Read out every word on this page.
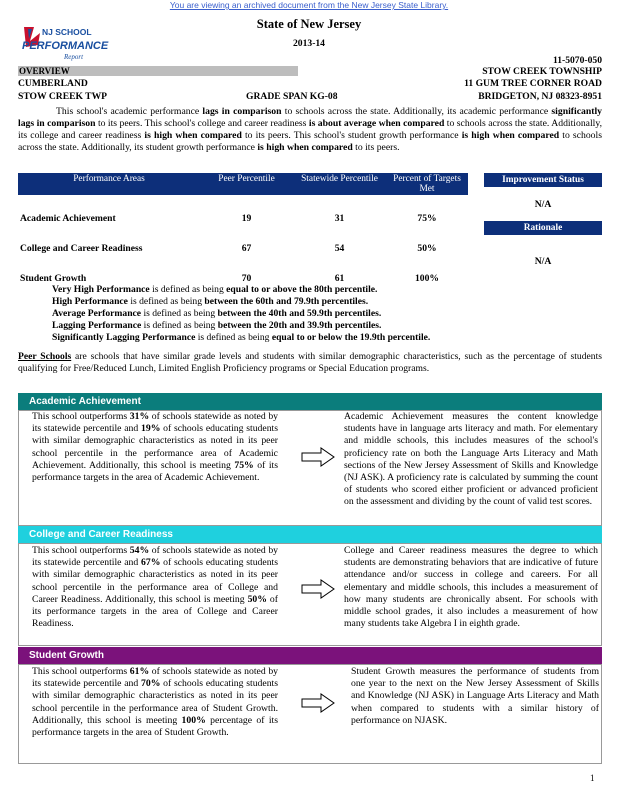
You are viewing an archived document from the New Jersey State Library.
NJ SCHOOL
PERFORMANCE
Report
State of New Jersey
2013-14
11-5070-050
OVERVIEW
CUMBERLAND
STOW CREEK TWP	GRADE SPAN KG-08
STOW CREEK TOWNSHIP
11 GUM TREE CORNER ROAD
BRIDGETON, NJ 08323-8951
This school's academic performance lags in comparison to schools across the state. Additionally, its academic performance significantly lags in comparison to its peers. This school's college and career readiness is about average when compared to schools across the state. Additionally, its college and career readiness is high when compared to its peers. This school's student growth performance is high when compared to schools across the state. Additionally, its student growth performance is high when compared to its peers.
Performance Areas	Peer Percentile	Statewide Percentile	Percent of Targets Met
Academic Achievement	19	31	75%
College and Career Readiness	67	54	50%
Student Growth	70	61	100%
Improvement Status
N/A
Rationale
N/A
Very High Performance is defined as being equal to or above the 80th percentile.
High Performance is defined as being between the 60th and 79.9th percentiles.
Average Performance is defined as being between the 40th and 59.9th percentiles.
Lagging Performance is defined as being between the 20th and 39.9th percentiles.
Significantly Lagging Performance is defined as being equal to or below the 19.9th percentile.
Peer Schools are schools that have similar grade levels and students with similar demographic characteristics, such as the percentage of students qualifying for Free/Reduced Lunch, Limited English Proficiency programs or Special Education programs.
Academic Achievement
This school outperforms 31% of schools statewide as noted by its statewide percentile and 19% of schools educating students with similar demographic characteristics as noted in its peer school percentile in the performance area of Academic Achievement. Additionally, this school is meeting 75% of its performance targets in the area of Academic Achievement.
Academic Achievement measures the content knowledge students have in language arts literacy and math. For elementary and middle schools, this includes measures of the school's proficiency rate on both the Language Arts Literacy and Math sections of the New Jersey Assessment of Skills and Knowledge (NJ ASK). A proficiency rate is calculated by summing the count of students who scored either proficient or advanced proficient on the assessment and dividing by the count of valid test scores.
College and Career Readiness
This school outperforms 54% of schools statewide as noted by its statewide percentile and 67% of schools educating students with similar demographic characteristics as noted in its peer school percentile in the performance area of College and Career Readiness. Additionally, this school is meeting 50% of its performance targets in the area of College and Career Readiness.
College and Career readiness measures the degree to which students are demonstrating behaviors that are indicative of future attendance and/or success in college and careers. For all elementary and middle schools, this includes a measurement of how many students are chronically absent. For schools with middle school grades, it also includes a measurement of how many students take Algebra I in eighth grade.
Student Growth
This school outperforms 61% of schools statewide as noted by its statewide percentile and 70% of schools educating students with similar demographic characteristics as noted in its peer school percentile in the performance area of Student Growth. Additionally, this school is meeting 100% percentage of its performance targets in the area of Student Growth.
Student Growth measures the performance of students from one year to the next on the New Jersey Assessment of Skills and Knowledge (NJ ASK) in Language Arts Literacy and Math when compared to students with a similar history of performance on NJASK.
1
